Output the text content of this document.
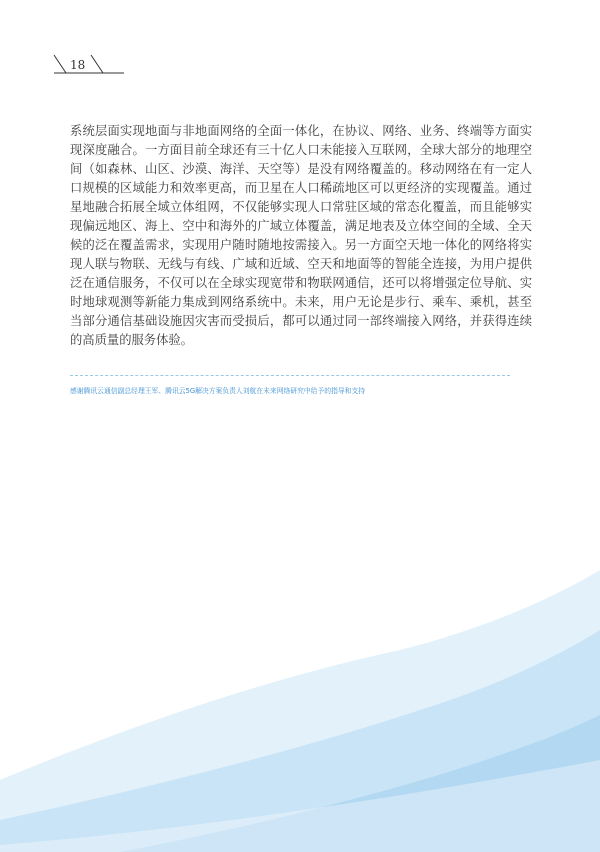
18

系统层面实现地面与非地面网络的全面一体化，在协议、网络、业务、终端等方面实现深度融合。一方面目前全球还有三十亿人口未能接入互联网，全球大部分的地理空间（如森林、山区、沙漠、海洋、天空等）是没有网络覆盖的。移动网络在有一定人口规模的区域能力和效率更高，而卫星在人口稀疏地区可以更经济的实现覆盖。通过星地融合拓展全域立体组网，不仅能够实现人口常驻区域的常态化覆盖，而且能够实现偏远地区、海上、空中和海外的广域立体覆盖，满足地表及立体空间的全域、全天候的泛在覆盖需求，实现用户随时随地按需接入。另一方面空天地一体化的网络将实现人联与物联、无线与有线、广域和近域、空天和地面等的智能全连接，为用户提供泛在通信服务，不仅可以在全球实现宽带和物联网通信，还可以将增强定位导航、实时地球观测等新能力集成到网络系统中。未来，用户无论是步行、乘车、乘机，甚至当部分通信基础设施因灾害而受损后，都可以通过同一部终端接入网络，并获得连续的高质量的服务体验。

感谢腾讯云通信副总经理王军、腾讯云5G解决方案负责人刘航在未来网络研究中给予的指导和支持
